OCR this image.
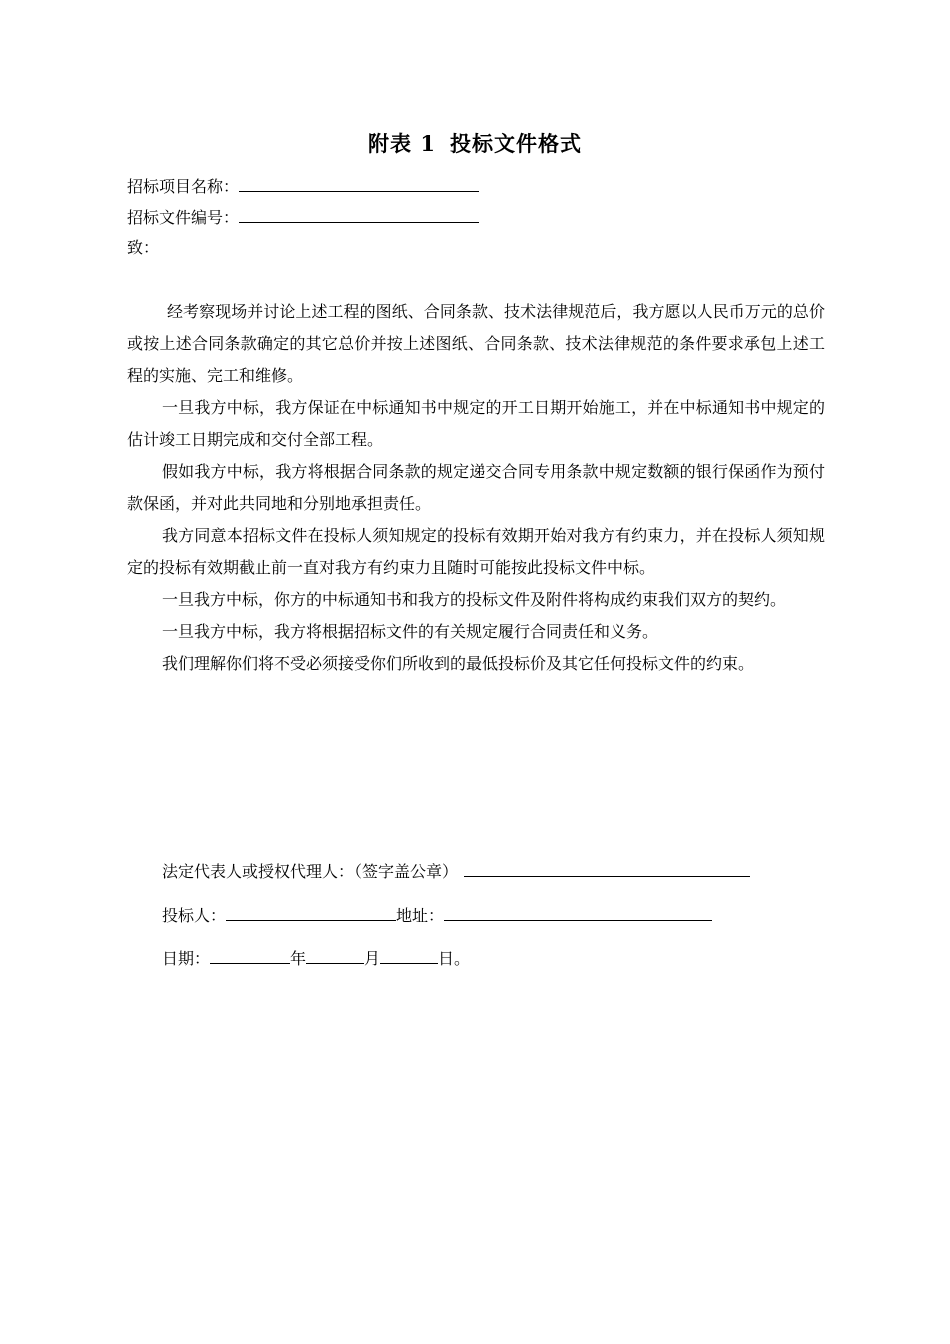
附表 1 投标文件格式
招标项目名称：
招标文件编号：
致：

经考察现场并讨论上述工程的图纸、合同条款、技术法律规范后，我方愿以人民币万元的总价或按上述合同条款确定的其它总价并按上述图纸、合同条款、技术法律规范的条件要求承包上述工程的实施、完工和维修。

一旦我方中标，我方保证在中标通知书中规定的开工日期开始施工，并在中标通知书中规定的估计竣工日期完成和交付全部工程。

假如我方中标，我方将根据合同条款的规定递交合同专用条款中规定数额的银行保函作为预付款保函，并对此共同地和分别地承担责任。

我方同意本招标文件在投标人须知规定的投标有效期开始对我方有约束力，并在投标人须知规定的投标有效期截止前一直对我方有约束力且随时可能按此投标文件中标。

一旦我方中标，你方的中标通知书和我方的投标文件及附件将构成约束我们双方的契约。

一旦我方中标，我方将根据招标文件的有关规定履行合同责任和义务。

我们理解你们将不受必须接受你们所收到的最低投标价及其它任何投标文件的约束。

法定代表人或授权代理人：（签字盖公章）
投标人：	地址：
日期：	年	月	日。
